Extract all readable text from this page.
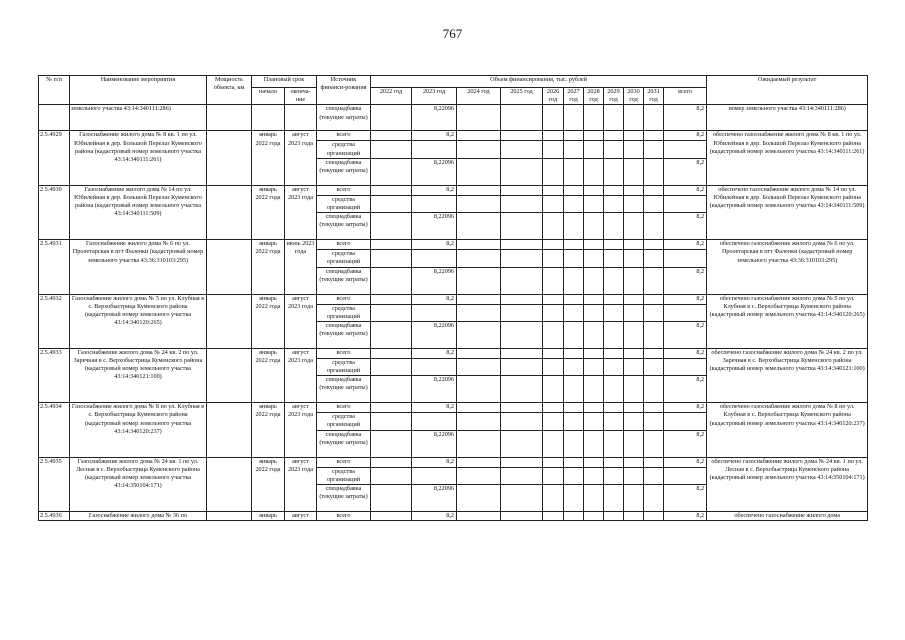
767
№ п/п	Наименование мероприятия	Мощность объекта, км	Плановый срок		Источник финанси-рования	Объем финансирования, тыс. рублей											Ожидаемый результат
			начало	оконча-ние		2022 год	2023 год	2024 год	2025 год	2026 год	2027 год	2028 год	2029 год	2030 год	2031 год	всего	

	земельного участка 43:14:340111:286)				спецнадбавка (текущие затраты)		8,22096									8,2	номер земельного участка 43:14:340111:286)
2.5.4929	Газоснабжение жилого дома № 8 кв. 1 по ул. Юбилейная в дер. Большой Перелаз Куменского района (кадастровый номер земельного участка 43:14:340111:261)		январь 2022 года	август 2023 года	всего		8,2									8,2	обеспечено газоснабжение жилого дома № 8 кв. 1 по ул. Юбилейная в дер. Большой Перелаз Куменского района (кадастровый номер земельного участка 43:14:340111:261)
					средства организаций												
					спецнадбавка (текущие затраты)		8,22096									8,2	
2.5.4930	Газоснабжение жилого дома № 14 по ул. Юбилейная в дер. Большой Перелаз Куменского района (кадастровый номер земельного участка 43:14:340111:509)		январь 2022 года	август 2023 года	всего		8,2									8,2	обеспечено газоснабжение жилого дома № 14 по ул. Юбилейная в дер. Большой Перелаз Куменского района (кадастровый номер земельного участка 43:14:340111:509)
					средства организаций												
					спецнадбавка (текущие затраты)		8,22096									8,2	
2.5.4931	Газоснабжение жилого дома № 6 по ул. Пролетарская в пгт Фаленки (кадастровый номер земельного участка 43:36:310103:295)		январь 2022 года	июнь 2023 года	всего		8,2									8,2	обеспечено газоснабжение жилого дома № 6 по ул. Пролетарская в пгт Фаленки (кадастровый номер земельного участка 43:36:310103:295)
					средства организаций												
					спецнадбавка (текущие затраты)		8,22096									8,2	
2.5.4932	Газоснабжение жилого дома № 5 по ул. Клубная в с. Верхобыстрица Куменского района (кадастровый номер земельного участка 43:14:340120:265)		январь 2022 года	август 2023 года	всего		8,2									8,2	обеспечено газоснабжение жилого дома № 5 по ул. Клубная в с. Верхобыстрица Куменского района (кадастровый номер земельного участка 43:14:340120:265)
					средства организаций												
					спецнадбавка (текущие затраты)		8,22096									8,2	
2.5.4933	Газоснабжение жилого дома № 24 кв. 2 по ул. Заречная в с. Верхобыстрица Куменского района (кадастровый номер земельного участка 43:14:340121:100)		январь 2022 года	август 2023 года	всего		8,2									8,2	обеспечено газоснабжение жилого дома № 24 кв. 2 по ул. Заречная в с. Верхобыстрица Куменского района (кадастровый номер земельного участка 43:14:340121:100)
					средства организаций												
					спецнадбавка (текущие затраты)		8,22096									8,2	
2.5.4934	Газоснабжение жилого дома № 8 по ул. Клубная в с. Верхобыстрица Куменского района (кадастровый номер земельного участка 43:14:340120:237)		январь 2022 года	август 2023 года	всего		8,2									8,2	обеспечено газоснабжение жилого дома № 8 по ул. Клубная в с. Верхобыстрица Куменского района (кадастровый номер земельного участка 43:14:340120:237)
					средства организаций												
					спецнадбавка (текущие затраты)		8,22096									8,2	
2.5.4935	Газоснабжение жилого дома № 24 кв. 1 по ул. Лесная в с. Верхобыстрица Куменского района (кадастровый номер земельного участка 43:14:350104:171)		январь 2022 года	август 2023 года	всего		8,2									8,2	обеспечено газоснабжение жилого дома № 24 кв. 1 по ул. Лесная в с. Верхобыстрица Куменского района (кадастровый номер земельного участка 43:14:350104:171)
					средства организаций												
					спецнадбавка (текущие затраты)		8,22096									8,2	
2.5.4936	Газоснабжение жилого дома № 36 по		январь	август	всего		8,2									8,2	обеспечено газоснабжение жилого дома
